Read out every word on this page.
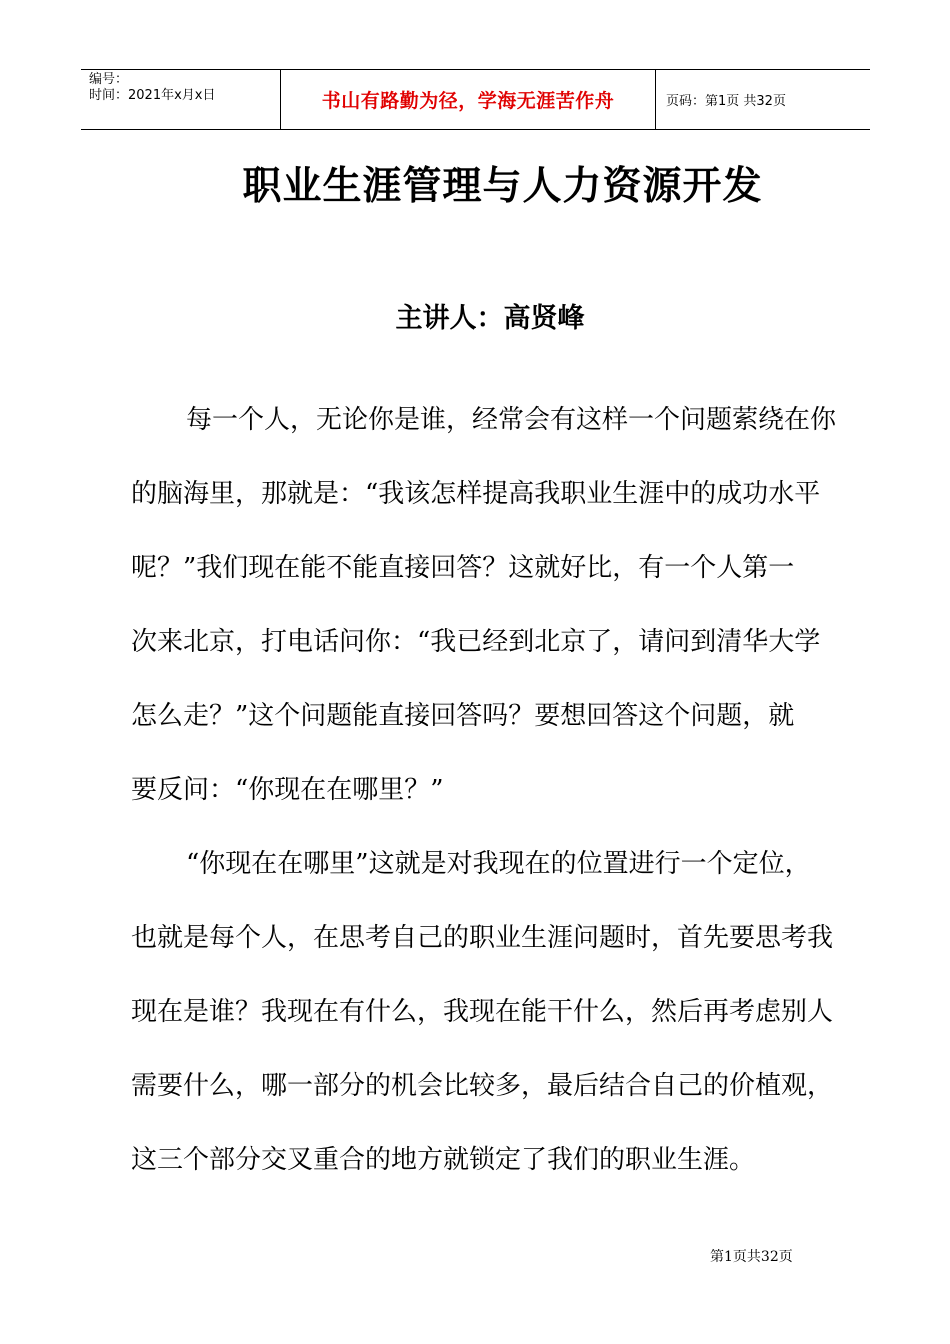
编号：
时间：2021年x月x日	书山有路勤为径，学海无涯苦作舟	页码：第1页 共32页
职业生涯管理与人力资源开发
主讲人：高贤峰
每一个人，无论你是谁，经常会有这样一个问题萦绕在你
的脑海里，那就是：“我该怎样提高我职业生涯中的成功水平
呢？”我们现在能不能直接回答？这就好比，有一个人第一
次来北京，打电话问你：“我已经到北京了，请问到清华大学
怎么走？”这个问题能直接回答吗？要想回答这个问题，就
要反问：“你现在在哪里？”
“你现在在哪里”这就是对我现在的位置进行一个定位，
也就是每个人，在思考自己的职业生涯问题时，首先要思考我
现在是谁？我现在有什么，我现在能干什么，然后再考虑别人
需要什么，哪一部分的机会比较多，最后结合自己的价植观，
这三个部分交叉重合的地方就锁定了我们的职业生涯。
第1页共32页
